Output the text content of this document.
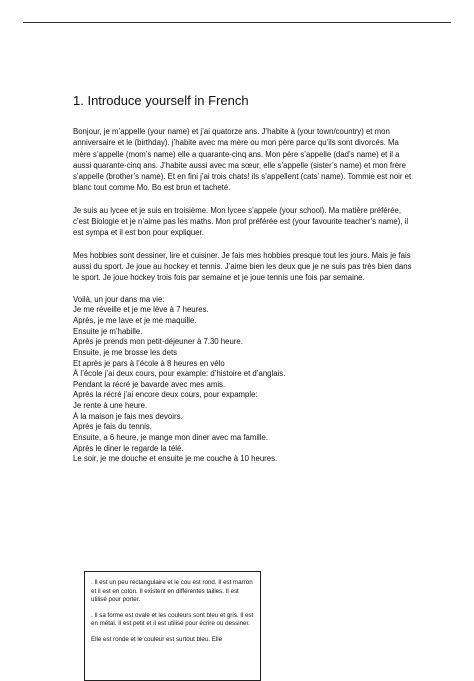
1. Introduce yourself in French

Bonjour, je m’appelle (your name) et j’ai quatorze ans. J’habite à (your town/country) et mon anniversaire et le (birthday). j’habite avec ma mère ou mon père parce qu’ils sont divorcés. Ma mère s’appelle (mom’s name) elle a quarante-cinq ans. Mon père s’appelle (dad’s name) et il a aussi quarante-cinq ans. J’habite aussi avec ma sœur, elle s’appelle (sister’s name) et mon frère s’appelle (brother’s name). Et en fini j’ai trois chats! ils s’appellent (cats’ name). Tommie est noir et blanc tout comme Mo. Bo est brun et tacheté.

Je suis au lycee et je suis en troisième. Mon lycee s’appele (your school). Ma matière préférée, c’est Biologie et je n’aime pas les maths. Mon prof préférée est (your favourite teacher’s name), il est sympa et il est bon pour expliquer.

Mes hobbies sont dessiner, lire et cuisiner. Je fais mes hobbies presque tout les jours. Mais je fais aussi du sport. Je joue au hockey et tennis. J’aime bien les deux que je ne suis pas très bien dans le sport. Je joue hockey trois fois par semaine et je joue tennis une fois par semaine.

Voilà, un jour dans ma vie:
Je me réveille et je me lève à 7 heures.
Après, je me lave et je me maquille.
Ensuite je m’habille.
Après je prends mon petit-déjeuner à 7.30 heure.
Ensuite, je me brosse les dets
Et après je pars à l’école à 8 heures en vélo
À l’école j’ai deux cours, pour example: d’histoire et d’anglais.
Pendant la récré je bavarde avec mes amis.
Après la récré j’ai encore deux cours, pour expample:
Je rente à une heure.
À la maison je fais mes devoirs.
Après je fais du tennis.
Ensuite, a 6 heure, je mange mon diner avec ma famille.
Après le diner le regarde la télé.
Le soir, je me douche et ensuite je me couche à 10 heures.

. Il est un peu rectangulaire et le cou est rond. Il est marron et il est en coton. Il existent en différentes tailles. Il est utilisé pour porter.

. Il sa forme est ovale et les couleurs sont bleu et gris. Il est en métal. Il est petit et il est utilisé pour écrire ou dessiner.

Elle est ronde et le couleur est surtout bleu. Elle
